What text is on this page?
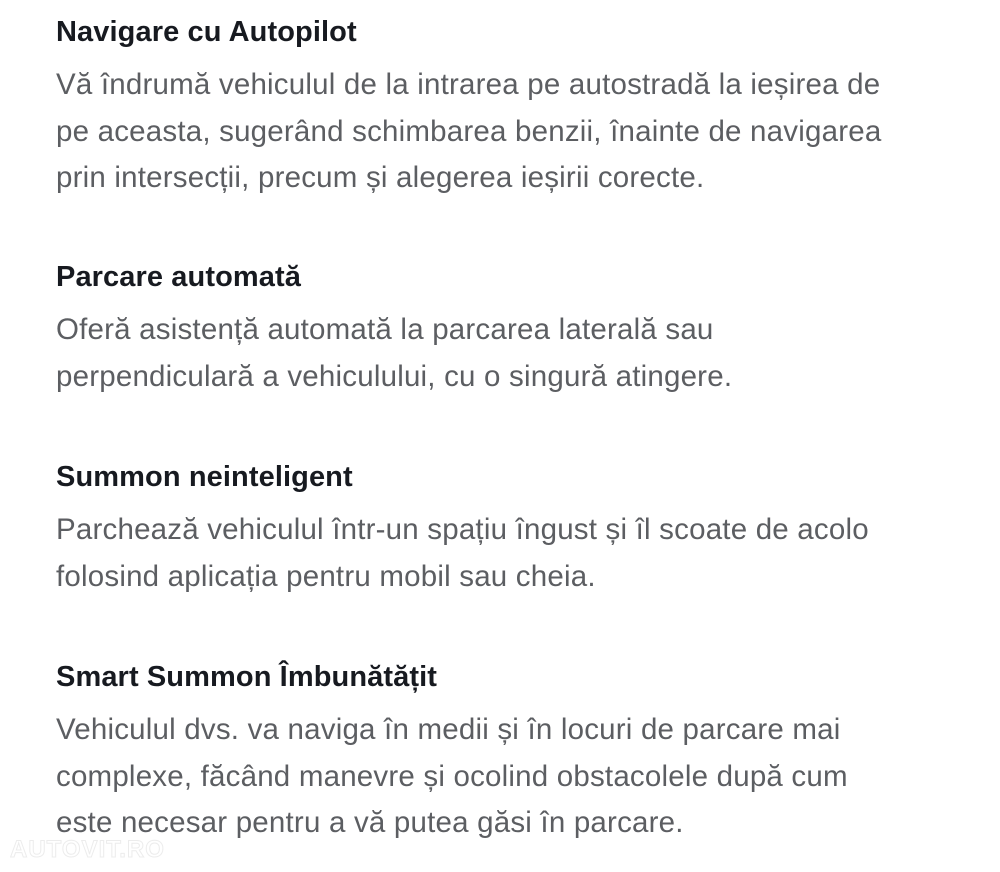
Navigare cu Autopilot

Vă îndrumă vehiculul de la intrarea pe autostradă la ieșirea de
pe aceasta, sugerând schimbarea benzii, înainte de navigarea
prin intersecții, precum și alegerea ieșirii corecte.

Parcare automată

Oferă asistență automată la parcarea laterală sau
perpendiculară a vehiculului, cu o singură atingere.

Summon neinteligent

Parchează vehiculul într-un spațiu îngust și îl scoate de acolo
folosind aplicația pentru mobil sau cheia.

Smart Summon Îmbunătățit

Vehiculul dvs. va naviga în medii și în locuri de parcare mai
complexe, făcând manevre și ocolind obstacolele după cum
este necesar pentru a vă putea găsi în parcare.

AUTOVIT.RO
